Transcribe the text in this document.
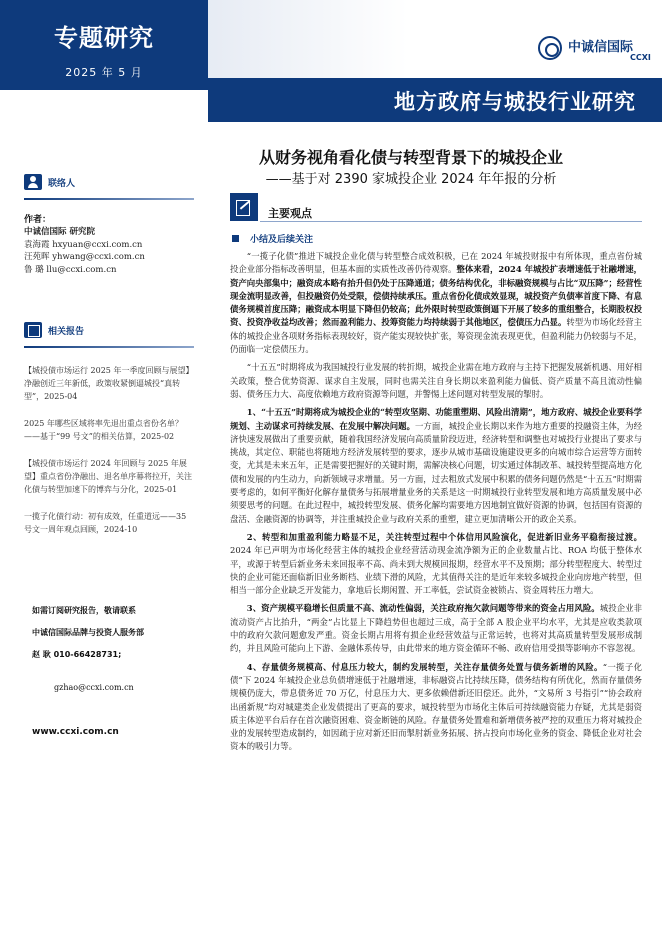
专题研究
2025 年 5 月
中诚信国际
CCXI
地方政府与城投行业研究
从财务视角看化债与转型背景下的城投企业
——基于对 2390 家城投企业 2024 年年报的分析
联络人
作者：
中诚信国际 研究院
袁海霞 hxyuan@ccxi.com.cn
汪苑晖 yhwang@ccxi.com.cn
鲁 璐 llu@ccxi.com.cn
相关报告
【城投债市场运行 2025 年一季度回顾与展望】净融创近三年新低，政策收紧倒逼城投“真转型”，2025-04
2025 年哪些区域将率先退出重点省份名单？——基于“99 号文”的相关估算，2025-02
【城投债市场运行 2024 年回顾与 2025 年展望】重点省份净融出、退名单序幕将拉开，关注化债与转型加速下的博弈与分化，2025-01
一揽子化债行动：初有成效，任重道远——35 号文一周年观点回顾，2024-10
如需订阅研究报告，敬请联系
中诚信国际品牌与投资人服务部
赵 耿 010-66428731;
gzhao@ccxi.com.cn
www.ccxi.com.cn
主要观点
小结及后续关注

“一揽子化债”推进下城投企业化债与转型整合成效积极，已在 2024 年城投财报中有所体现，重点省份城投企业部分指标改善明显，但基本面的实质性改善仍待观察。整体来看，2024 年城投扩表增速低于社融增速，资产向央部集中；融资成本略有抬升但仍处于压降通道；债务结构优化，非标融资规模与占比“双压降”；经营性现金流明显改善，但投融资仍处受限，偿债持续承压。重点省份化债成效显现，城投资产负债率首度下降、有息债务规模首度压降；融资成本明显下降但仍较高；此外限时转型政策倒逼下开展了较多的重组整合，长期股权投资、投资净收益均改善；然而盈利能力、投筹资能力均持续弱于其他地区，偿债压力凸显。转型为市场化经营主体的城投企业各项财务指标表现较好，资产能实现较快扩张，筹资现金流表现更优，但盈利能力仍较弱与不足，仍面临一定偿债压力。

“十五五”时期将成为我国城投行业发展的转折期，城投企业需在地方政府与主持下把握发展新机遇、用好相关政策，整合优势资源、谋求自主发展，同时也需关注自身长期以来盈利能力偏低、资产质量不高且流动性偏弱、债务压力大、高度依赖地方政府资源等问题，并警惕上述问题对转型发展的掣肘。

1、“十五五”时期将成为城投企业的“转型攻坚期、功能重塑期、风险出清期”，地方政府、城投企业要科学规划、主动谋求可持续发展、在发展中解决问题。一方面，城投企业长期以来作为地方重要的投融资主体，为经济快速发展做出了重要贡献，随着我国经济发展向高质量阶段迈进，经济转型和调整也对城投行业提出了要求与挑战，其定位、职能也将随地方经济发展转型的要求，逐步从城市基础设施建设更多的向城市综合运营等方面转变，尤其是未来五年，正是需要把握好的关键时期，需解决核心问题，切实通过体制改革、城投转型提高地方化债和发展的内生动力，向新领域寻求增量。另一方面，过去粗放式发展中积累的债务问题仍然是“十五五”时期需要考虑的，如何平衡好化解存量债务与拓展增量业务的关系是这一时期城投行业转型发展和地方高质量发展中必须要思考的问题。在此过程中，城投转型发展、债务化解均需要地方因地制宜做好资源的协调，包括国有资源的盘活、金融资源的协调等，并注重城投企业与政府关系的重塑，建立更加清晰公开的政企关系。

2、转型和加重盈利能力略显不足，关注转型过程中个体信用风险演化，促进新旧业务平稳衔接过渡。2024 年已声明为市场化经营主体的城投企业经营活动现金流净额为正的企业数量占比、ROA 均低于整体水平，或源于转型后新业务未来回报率不高、尚未到大规模回报期，经营水平不及预期；部分转型程度大、转型过快的企业可能还面临新旧业务断档、业绩下滑的风险，尤其值得关注的是近年来较多城投企业向房地产转型，但相当一部分企业缺乏开发能力，拿地后长期闲置、开工率低，尝试资金被锁占、资金周转压力增大。

3、资产规模平稳增长但质量不高、流动性偏弱，关注政府拖欠款问题等带来的资金占用风险。城投企业非流动资产占比抬升，“两金”占比显上下降趋势但也超过三成，高于全部 A 股企业平均水平，尤其是应收类款项中的政府欠款问题愈发严重。资金长期占用将有损企业经营效益与正常运转，也将对其高质量转型发展形成制约，并且风险可能向上下游、金融体系传导，由此带来的地方资金循环不畅、政府信用受损等影响亦不容忽视。

4、存量债务规模高、付息压力较大，制约发展转型，关注存量债务处置与债务新增的风险。“一揽子化债”下 2024 年城投企业总负债增速低于社融增速，非标融资占比持续压降，债务结构有所优化，然而存量债务规模仍庞大，带息债务近 70 万亿，付息压力大、更多依赖借新还旧偿还。此外，“文易所 3 号指引”“协会政府出函新规”均对城建类企业发债提出了更高的要求，城投转型为市场化主体后可持续融资能力存疑，尤其是弱资质主体逆平台后存在首次融资困难、资金断链的风险。存量债务处置难和新增债务被严控的双重压力将对城投企业的发展转型造成制约，如因疏于应对新还旧而掣肘新业务拓展、挤占投向市场化业务的资金、降低企业对社会资本的吸引力等。
